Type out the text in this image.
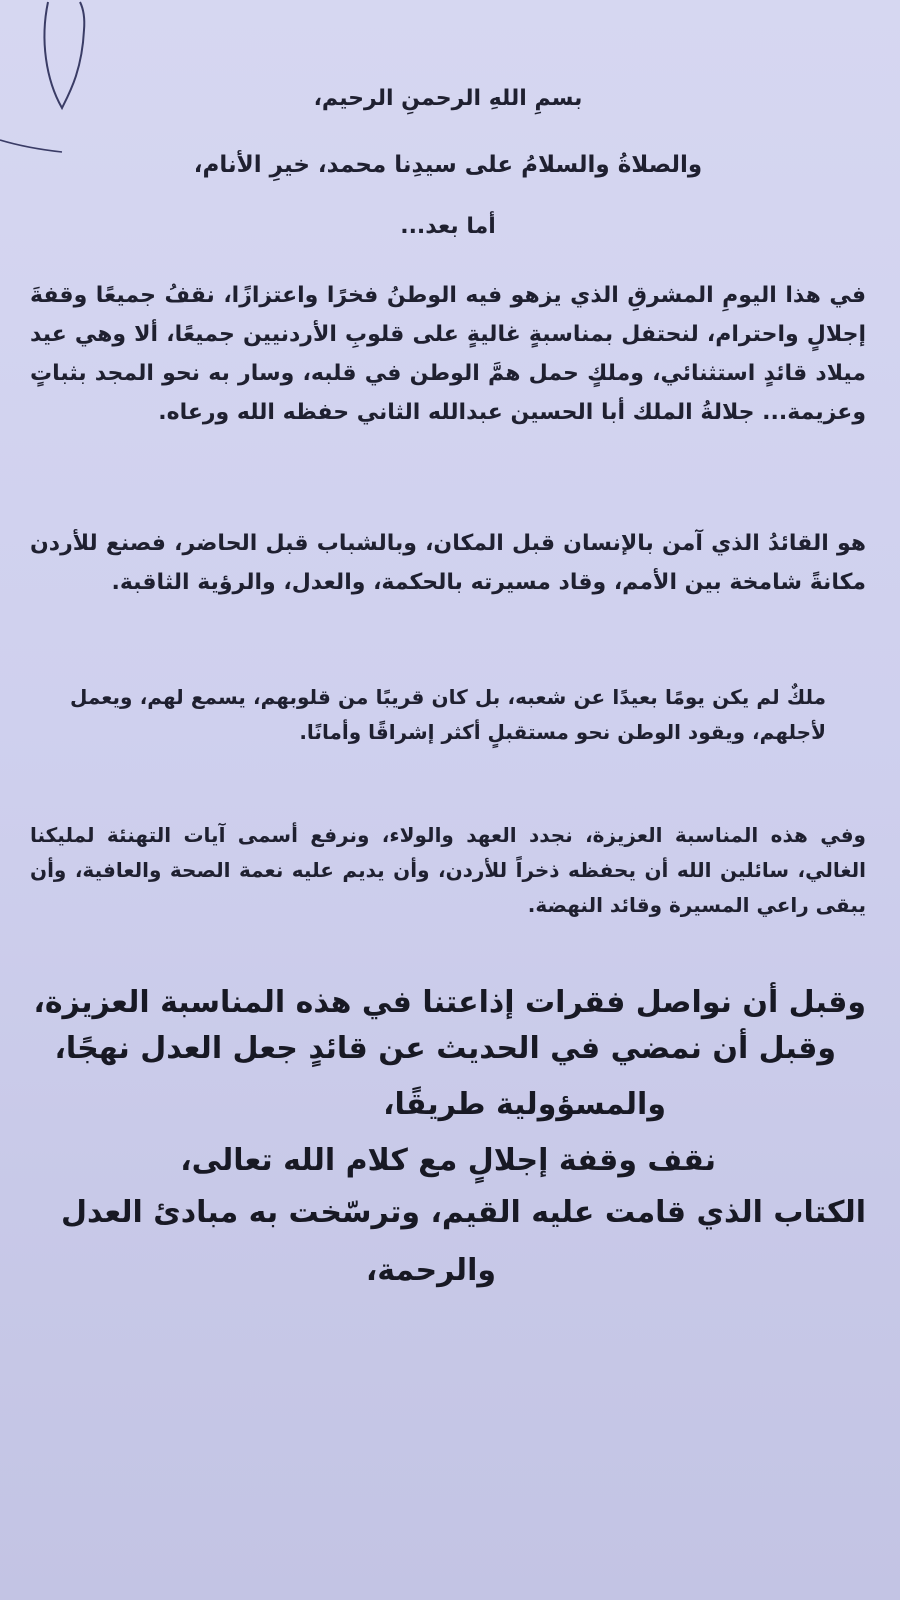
بسمِ اللهِ الرحمنِ الرحيم،
والصلاةُ والسلامُ على سيدِنا محمد، خيرِ الأنام،
أما بعد...
في هذا اليومِ المشرقِ الذي يزهو فيه الوطنُ فخرًا واعتزازًا، نقفُ جميعًا وقفةَ إجلالٍ واحترام، لنحتفل بمناسبةٍ غاليةٍ على قلوبِ الأردنيين جميعًا، ألا وهي عيد ميلاد قائدٍ استثنائي، وملكٍ حمل همَّ الوطن في قلبه، وسار به نحو المجد بثباتٍ وعزيمة... جلالةُ الملك أبا الحسين عبدالله الثاني حفظه الله ورعاه.
هو القائدُ الذي آمن بالإنسان قبل المكان، وبالشباب قبل الحاضر، فصنع للأردن مكانةً شامخة بين الأمم، وقاد مسيرته بالحكمة، والعدل، والرؤية الثاقبة.
ملكٌ لم يكن يومًا بعيدًا عن شعبه، بل كان قريبًا من قلوبهم، يسمع لهم، ويعمل لأجلهم، ويقود الوطن نحو مستقبلٍ أكثر إشراقًا وأمانًا.
وفي هذه المناسبة العزيزة، نجدد العهد والولاء، ونرفع أسمى آيات التهنئة لمليكنا الغالي، سائلين الله أن يحفظه ذخراً للأردن، وأن يديم عليه نعمة الصحة والعافية، وأن يبقى راعي المسيرة وقائد النهضة.
وقبل أن نواصل فقرات إذاعتنا في هذه المناسبة العزيزة،
وقبل أن نمضي في الحديث عن قائدٍ جعل العدل نهجًا،
والمسؤولية طريقًا،
نقف وقفة إجلالٍ مع كلام الله تعالى،
الكتاب الذي قامت عليه القيم، وترسّخت به مبادئ العدل
والرحمة،
